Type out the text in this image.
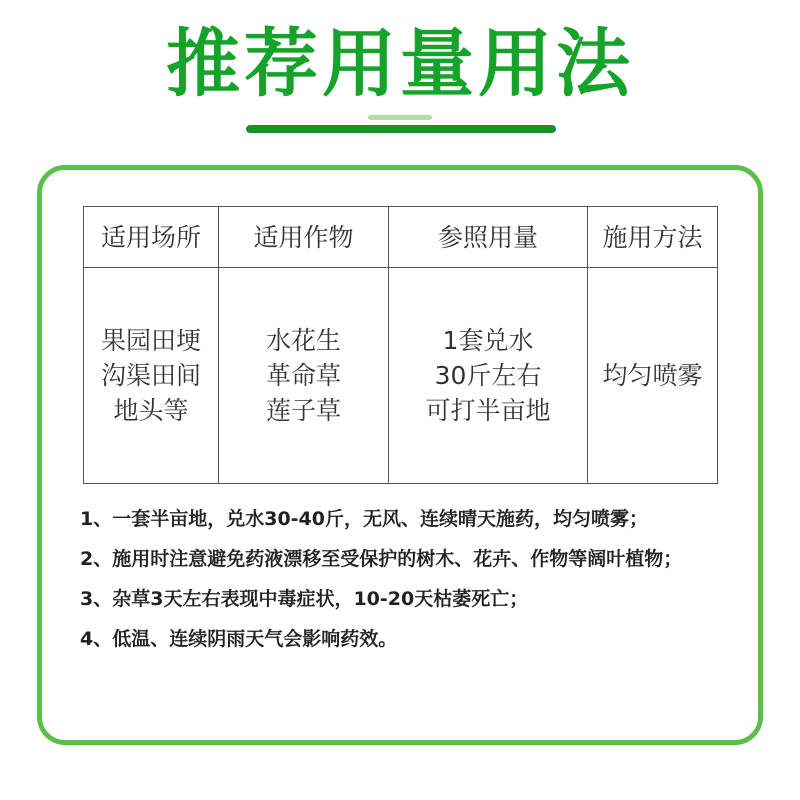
推荐用量用法
适用场所	适用作物	参照用量	施用方法

果园田埂
沟渠田间
地头等	水花生
革命草
莲子草	1套兑水
30斤左右
可打半亩地	均匀喷雾
1、一套半亩地，兑水30-40斤，无风、连续晴天施药，均匀喷雾；
2、施用时注意避免药液漂移至受保护的树木、花卉、作物等阔叶植物；
3、杂草3天左右表现中毒症状，10-20天枯萎死亡；
4、低温、连续阴雨天气会影响药效。
